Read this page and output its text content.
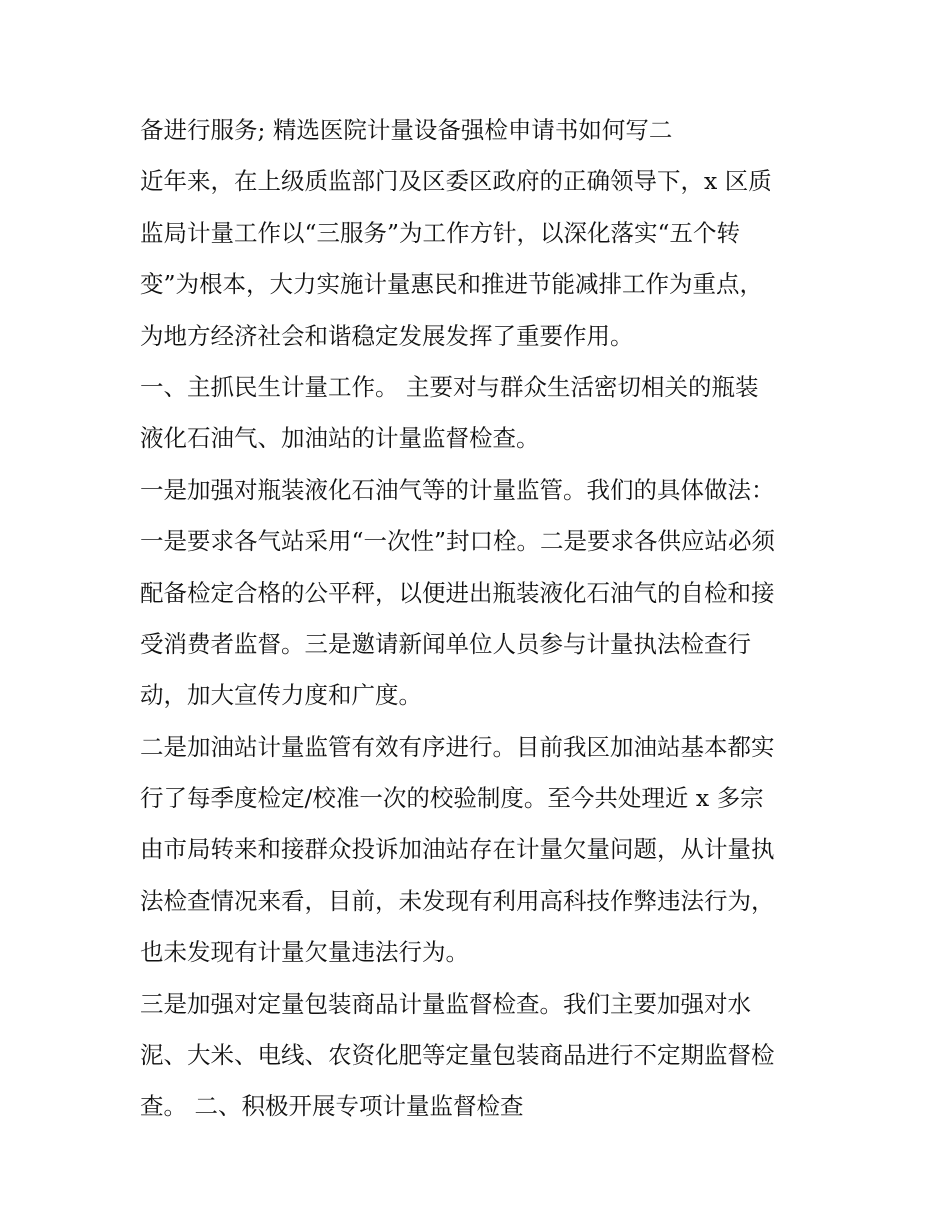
备进行服务; 精选医院计量设备强检申请书如何写二
近年来，在上级质监部门及区委区政府的正确领导下，x 区质
监局计量工作以“三服务”为工作方针，以深化落实“五个转
变”为根本，大力实施计量惠民和推进节能减排工作为重点，
为地方经济社会和谐稳定发展发挥了重要作用。
一、主抓民生计量工作。 主要对与群众生活密切相关的瓶装
液化石油气、加油站的计量监督检查。
一是加强对瓶装液化石油气等的计量监管。我们的具体做法：
一是要求各气站采用“一次性”封口栓。二是要求各供应站必须
配备检定合格的公平秤，以便进出瓶装液化石油气的自检和接
受消费者监督。三是邀请新闻单位人员参与计量执法检查行
动，加大宣传力度和广度。
二是加油站计量监管有效有序进行。目前我区加油站基本都实
行了每季度检定/校准一次的校验制度。至今共处理近 x 多宗
由市局转来和接群众投诉加油站存在计量欠量问题，从计量执
法检查情况来看，目前，未发现有利用高科技作弊违法行为，
也未发现有计量欠量违法行为。
三是加强对定量包装商品计量监督检查。我们主要加强对水
泥、大米、电线、农资化肥等定量包装商品进行不定期监督检
查。 二、积极开展专项计量监督检查
